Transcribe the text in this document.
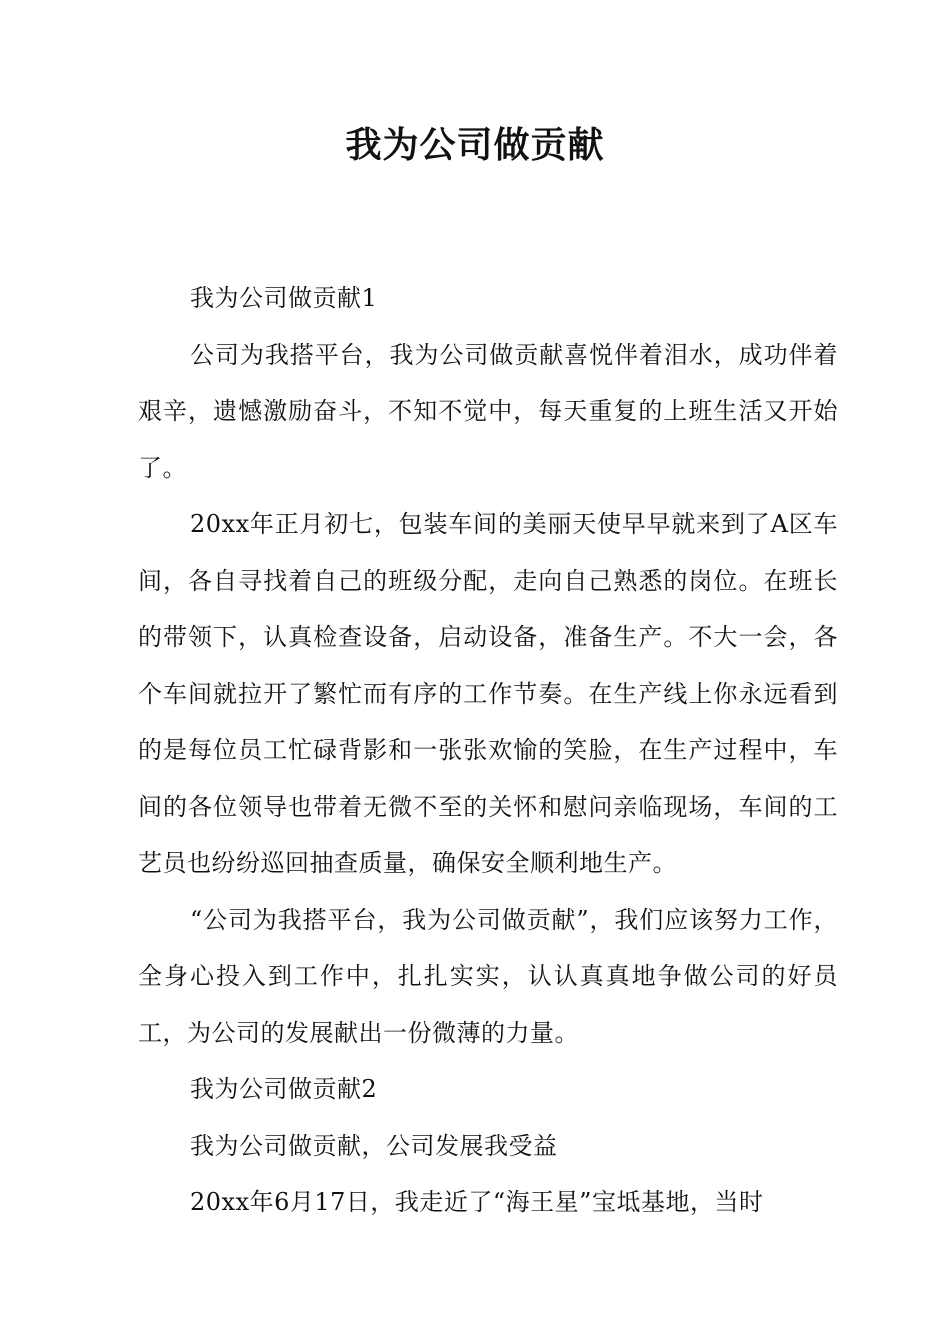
我为公司做贡献

我为公司做贡献1

公司为我搭平台，我为公司做贡献喜悦伴着泪水，成功伴着艰辛，遗憾激励奋斗，不知不觉中，每天重复的上班生活又开始了。

20xx年正月初七，包装车间的美丽天使早早就来到了A区车间，各自寻找着自己的班级分配，走向自己熟悉的岗位。在班长的带领下，认真检查设备，启动设备，准备生产。不大一会，各个车间就拉开了繁忙而有序的工作节奏。在生产线上你永远看到的是每位员工忙碌背影和一张张欢愉的笑脸，在生产过程中，车间的各位领导也带着无微不至的关怀和慰问亲临现场，车间的工艺员也纷纷巡回抽查质量，确保安全顺利地生产。

“公司为我搭平台，我为公司做贡献”，我们应该努力工作，全身心投入到工作中，扎扎实实，认认真真地争做公司的好员工，为公司的发展献出一份微薄的力量。

我为公司做贡献2

我为公司做贡献，公司发展我受益

20xx年6月17日，我走近了“海王星”宝坻基地，当时
